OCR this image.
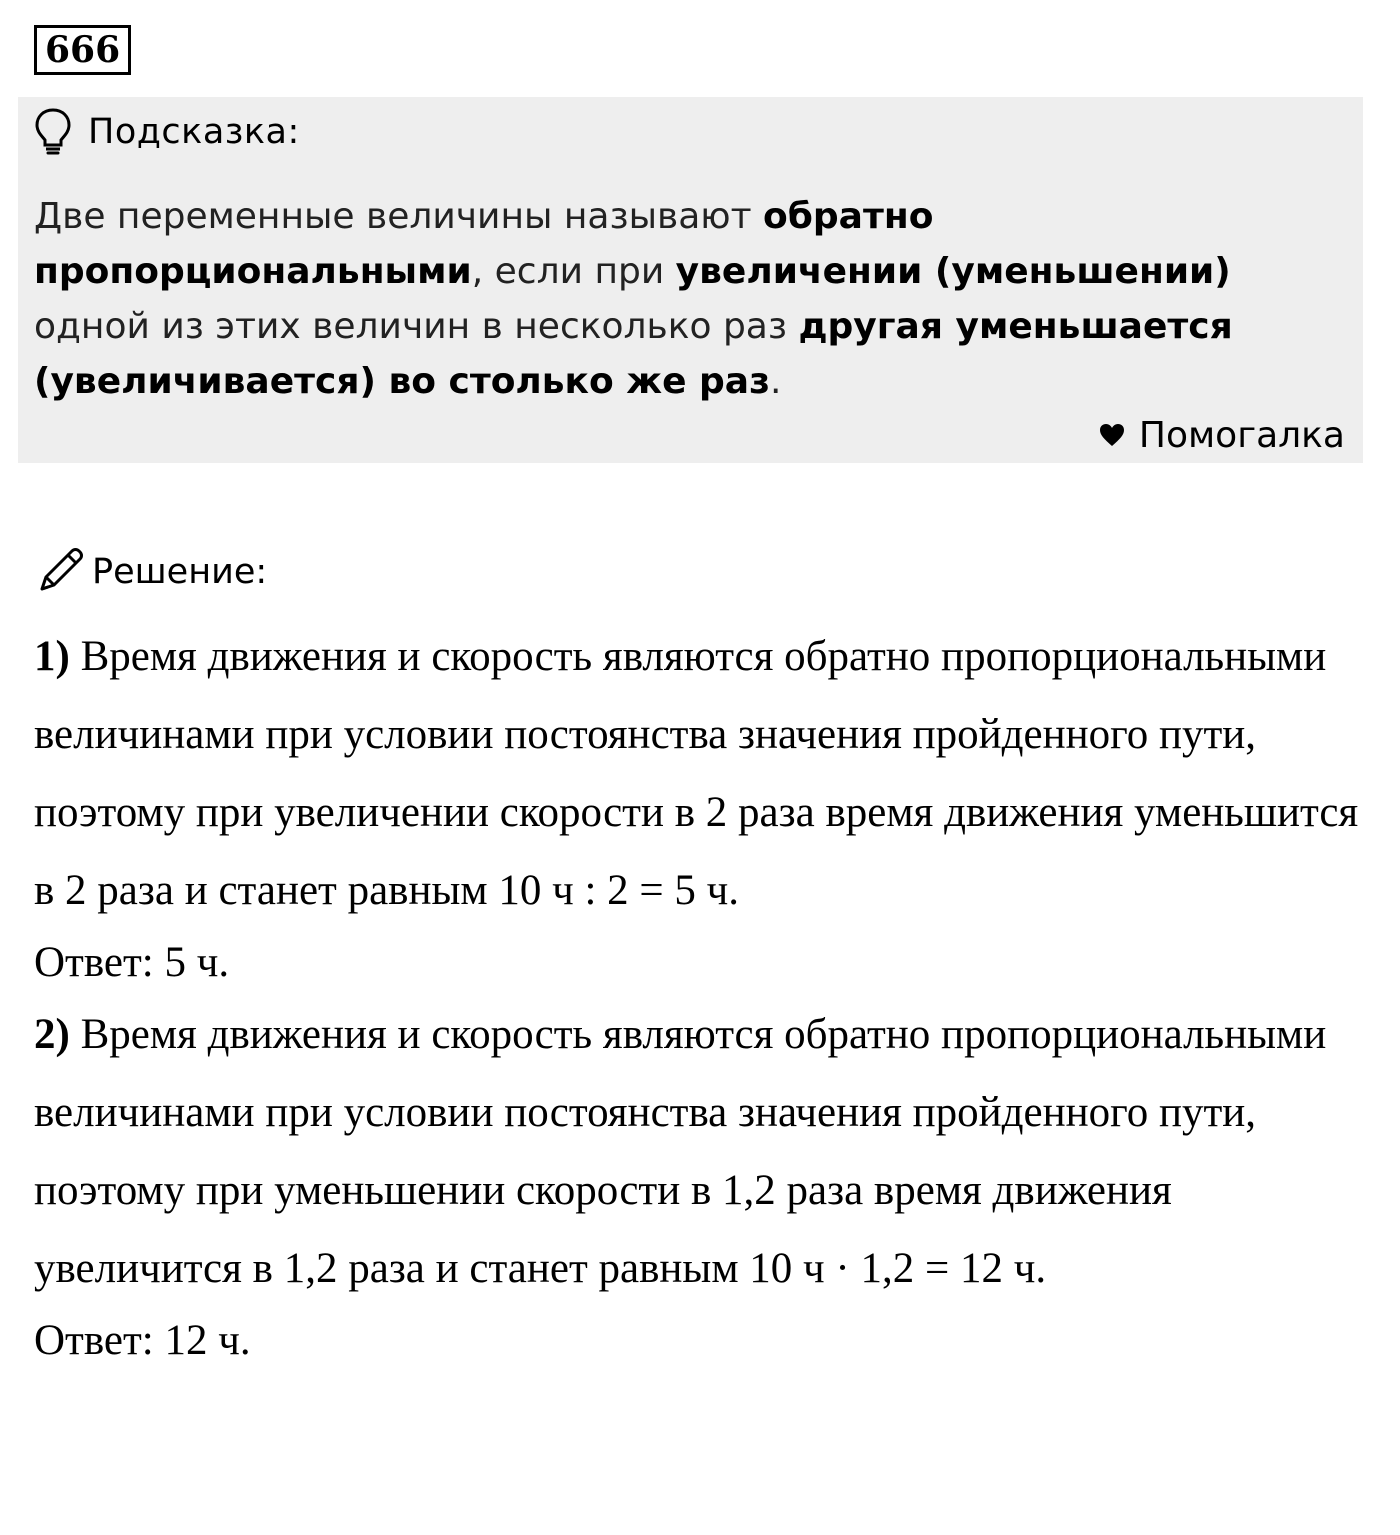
666
Подсказка:
Две переменные величины называют обратно пропорциональными, если при увеличении (уменьшении) одной из этих величин в несколько раз другая уменьшается (увеличивается) во столько же раз.
Помогалка
Решение:

1) Время движения и скорость являются обратно пропорциональными величинами при условии постоянства значения пройденного пути, поэтому при увеличении скорости в 2 раза время движения уменьшится в 2 раза и станет равным 10 ч : 2 = 5 ч.

Ответ: 5 ч.

2) Время движения и скорость являются обратно пропорциональными величинами при условии постоянства значения пройденного пути, поэтому при уменьшении скорости в 1,2 раза время движения увеличится в 1,2 раза и станет равным 10 ч · 1,2 = 12 ч.

Ответ: 12 ч.
